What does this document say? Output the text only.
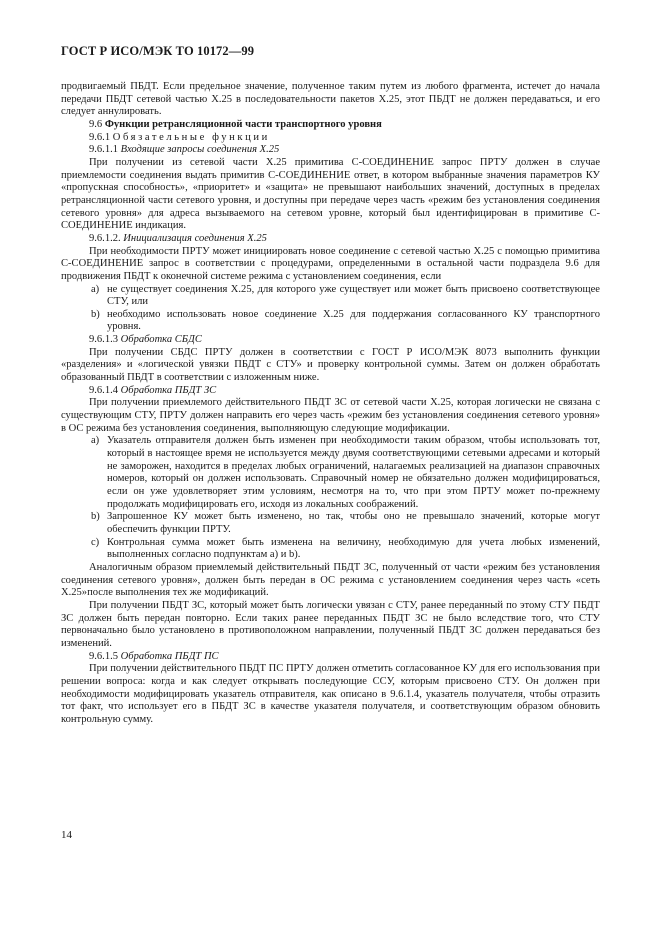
ГОСТ Р ИСО/МЭК ТО 10172—99

продвигаемый ПБДТ. Если предельное значение, полученное таким путем из любого фрагмента, истечет до начала передачи ПБДТ сетевой частью X.25 в последовательности пакетов X.25, этот ПБДТ не должен передаваться, и его следует аннулировать.

9.6 Функции ретрансляционной части транспортного уровня
9.6.1 Обязательные функции
9.6.1.1 Входящие запросы соединения X.25

При получении из сетевой части X.25 примитива С-СОЕДИНЕНИЕ запрос ПРТУ должен в случае приемлемости соединения выдать примитив С-СОЕДИНЕНИЕ ответ, в котором выбранные значения параметров КУ «пропускная способность», «приоритет» и «защита» не превышают наибольших значений, доступных в пределах ретрансляционной части сетевого уровня, и доступны при передаче через часть «режим без установления соединения сетевого уровня» для адреса вызываемого на сетевом уровне, который был идентифицирован в примитиве С-СОЕДИНЕНИЕ индикация.

9.6.1.2. Инициализация соединения X.25

При необходимости ПРТУ может инициировать новое соединение с сетевой частью X.25 с помощью примитива С-СОЕДИНЕНИЕ запрос в соответствии с процедурами, определенными в остальной части подраздела 9.6 для продвижения ПБДТ к оконечной системе режима с установлением соединения, если

a) не существует соединения X.25, для которого уже существует или может быть присвоено соответствующее СТУ, или
b) необходимо использовать новое соединение X.25 для поддержания согласованного КУ транспортного уровня.
9.6.1.3 Обработка СБДС

При получении СБДС ПРТУ должен в соответствии с ГОСТ Р ИСО/МЭК 8073 выполнить функции «разделения» и «логической увязки ПБДТ с СТУ» и проверку контрольной суммы. Затем он должен обработать образованный ПБДТ в соответствии с изложенным ниже.

9.6.1.4 Обработка ПБДТ ЗС

При получении приемлемого действительного ПБДТ ЗС от сетевой части X.25, которая логически не связана с существующим СТУ, ПРТУ должен направить его через часть «режим без установления соединения сетевого уровня» в ОС режима без установления соединения, выполняющую следующие модификации.

a) Указатель отправителя должен быть изменен при необходимости таким образом, чтобы использовать тот, который в настоящее время не используется между двумя соответствующими сетевыми адресами и который не заморожен, находится в пределах любых ограничений, налагаемых реализацией на диапазон справочных номеров, который он должен использовать. Справочный номер не обязательно должен модифицироваться, если он уже удовлетворяет этим условиям, несмотря на то, что при этом ПРТУ может по-прежнему продолжать модифицировать его, исходя из локальных соображений.
b) Запрошенное КУ может быть изменено, но так, чтобы оно не превышало значений, которые могут обеспечить функции ПРТУ.
c) Контрольная сумма может быть изменена на величину, необходимую для учета любых изменений, выполненных согласно подпунктам a) и b).

Аналогичным образом приемлемый действительный ПБДТ ЗС, полученный от части «режим без установления соединения сетевого уровня», должен быть передан в ОС режима с установлением соединения через часть «сеть X.25»после выполнения тех же модификаций.

При получении ПБДТ ЗС, который может быть логически увязан с СТУ, ранее переданный по этому СТУ ПБДТ ЗС должен быть передан повторно. Если таких ранее переданных ПБДТ ЗС не было вследствие того, что СТУ первоначально было установлено в противоположном направлении, полученный ПБДТ ЗС должен передаваться без изменений.

9.6.1.5 Обработка ПБДТ ПС

При получении действительного ПБДТ ПС ПРТУ должен отметить согласованное КУ для его использования при решении вопроса: когда и как следует открывать последующие ССУ, которым присвоено СТУ. Он должен при необходимости модифицировать указатель отправителя, как описано в 9.6.1.4, указатель получателя, чтобы отразить тот факт, что использует его в ПБДТ ЗС в качестве указателя получателя, и соответствующим образом обновить контрольную сумму.

14
